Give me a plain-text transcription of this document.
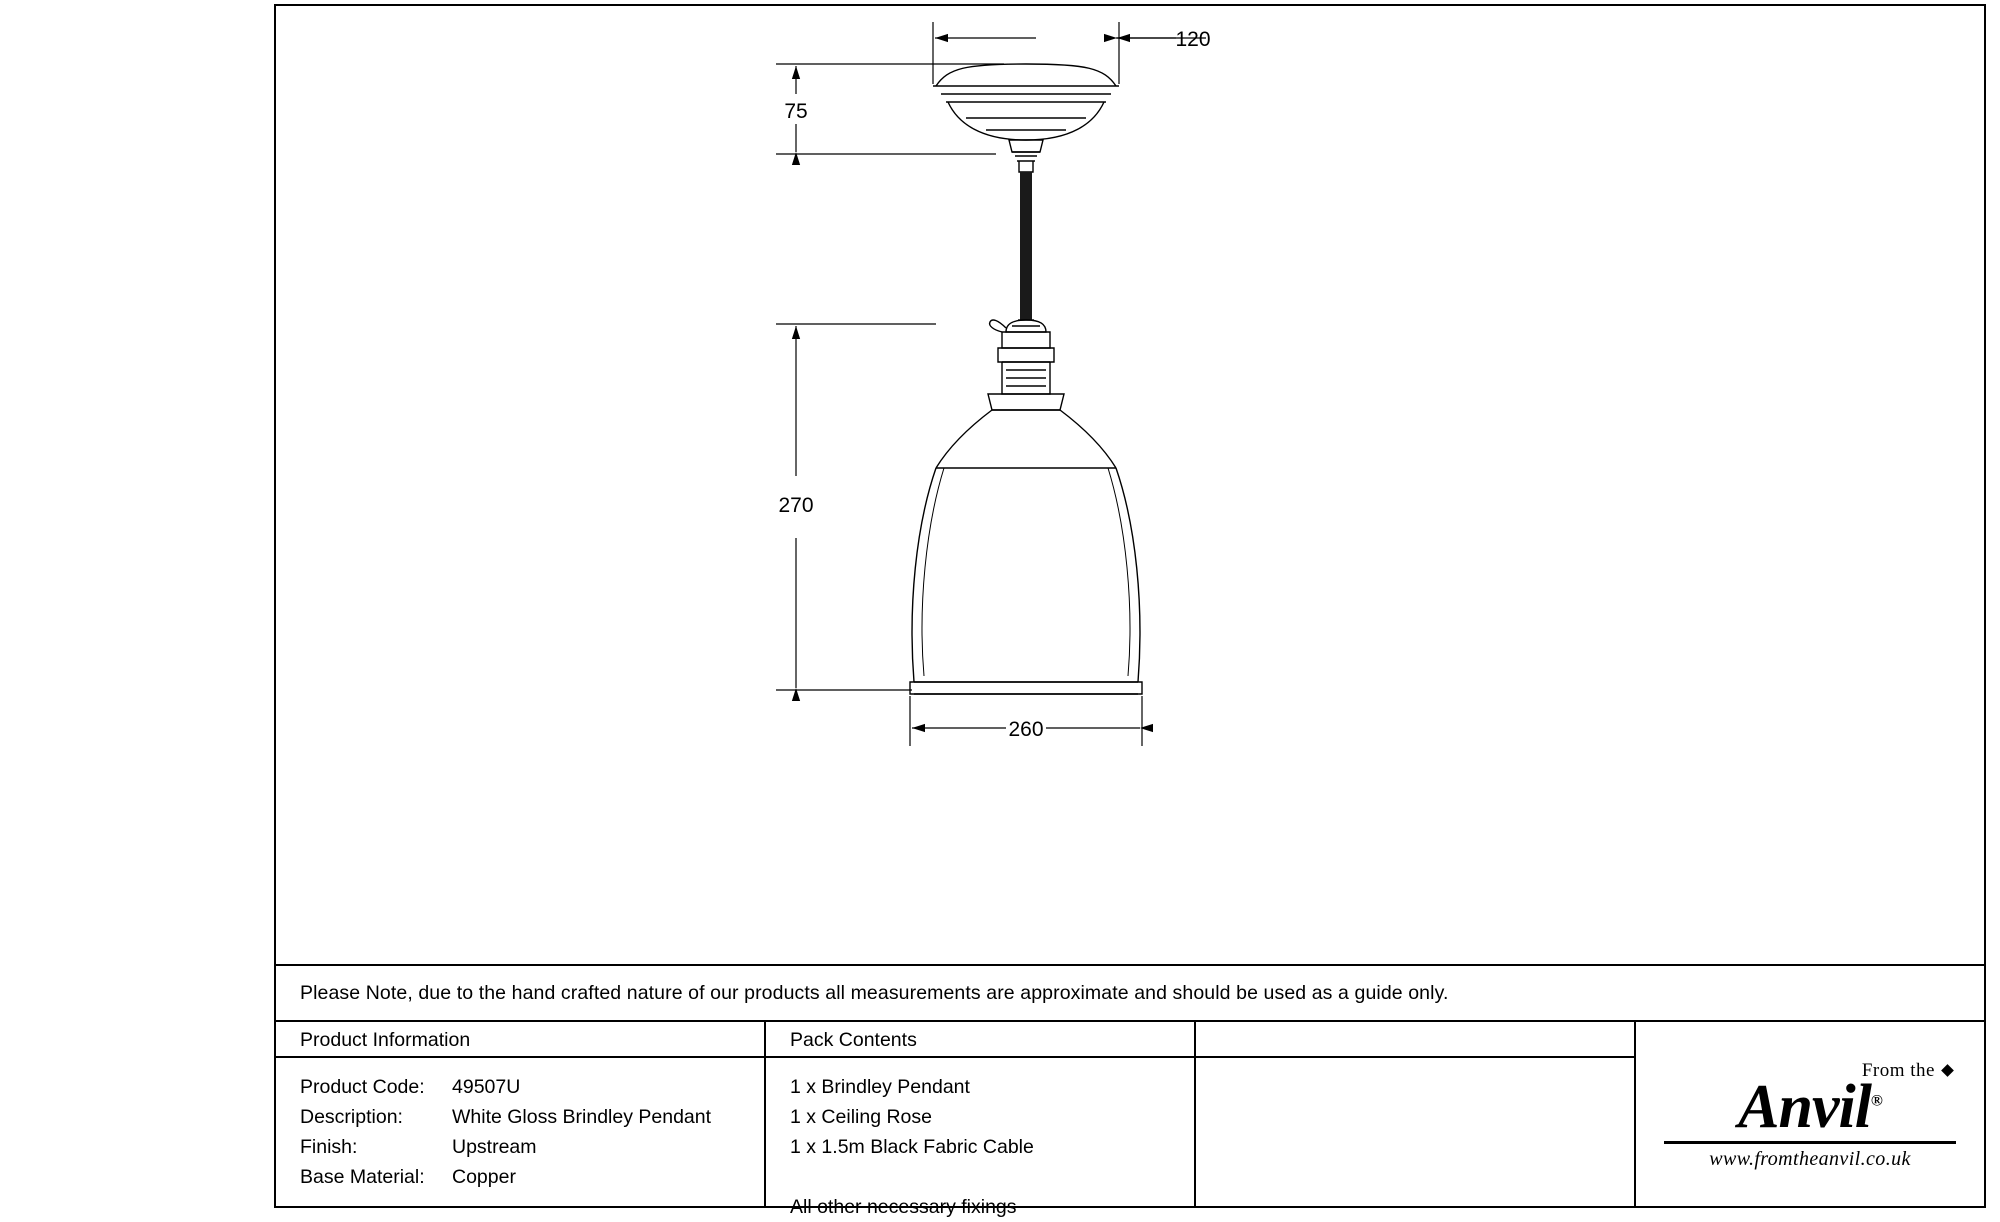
120
75
270
260
Please Note, due to the hand crafted nature of our products all measurements are approximate and should be used as a guide only.
Product Information
Product Code:	49507U
Description:	White Gloss Brindley Pendant
Finish:	Upstream
Base Material:	Copper
Pack Contents
1 x Brindley Pendant
1 x Ceiling Rose
1 x 1.5m Black Fabric Cable
All other necessary fixings
From the
Anvil®
www.fromtheanvil.co.uk
